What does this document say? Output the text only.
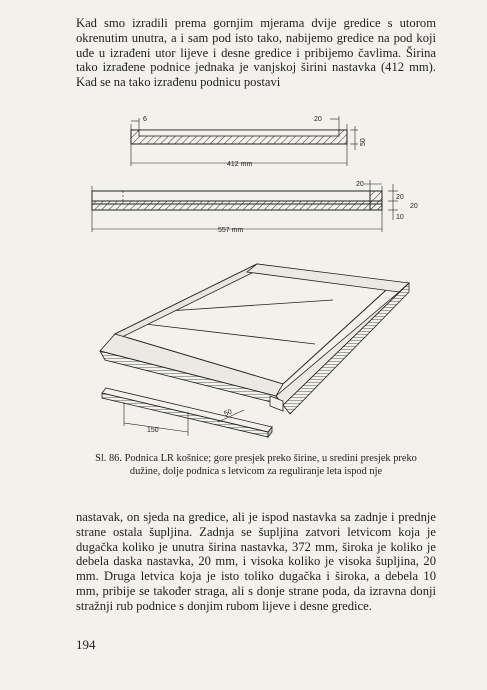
Kad smo izradili prema gornjim mjerama dvije gredice s utorom okrenutim unutra, a i sam pod isto tako, nabijemo gredice na pod koji uđe u izrađeni utor lijeve i desne gredice i pribijemo čavlima. Širina tako izrađene podnice jednaka je vanjskoj širini nastavka (412 mm). Kad se na tako izrađenu podnicu postavi

6	20
50
412 mm
20
20
20
10
557 mm
150
50

Sl. 86. Podnica LR košnice; gore presjek preko širine, u sredini presjek preko dužine, dolje podnica s letvicom za reguliranje leta ispod nje

nastavak, on sjeda na gredice, ali je ispod nastavka sa zadnje i prednje strane ostala šupljina. Zadnja se šupljina zatvori letvicom koja je dugačka koliko je unutra širina nastavka, 372 mm, široka je koliko je debela daska nastavka, 20 mm, i visoka koliko je visoka šupljina, 20 mm. Druga letvica koja je isto toliko dugačka i široka, a debela 10 mm, pribije se također straga, ali s donje strane poda, da izravna donji stražnji rub podnice s donjim rubom lijeve i desne gredice.

194
